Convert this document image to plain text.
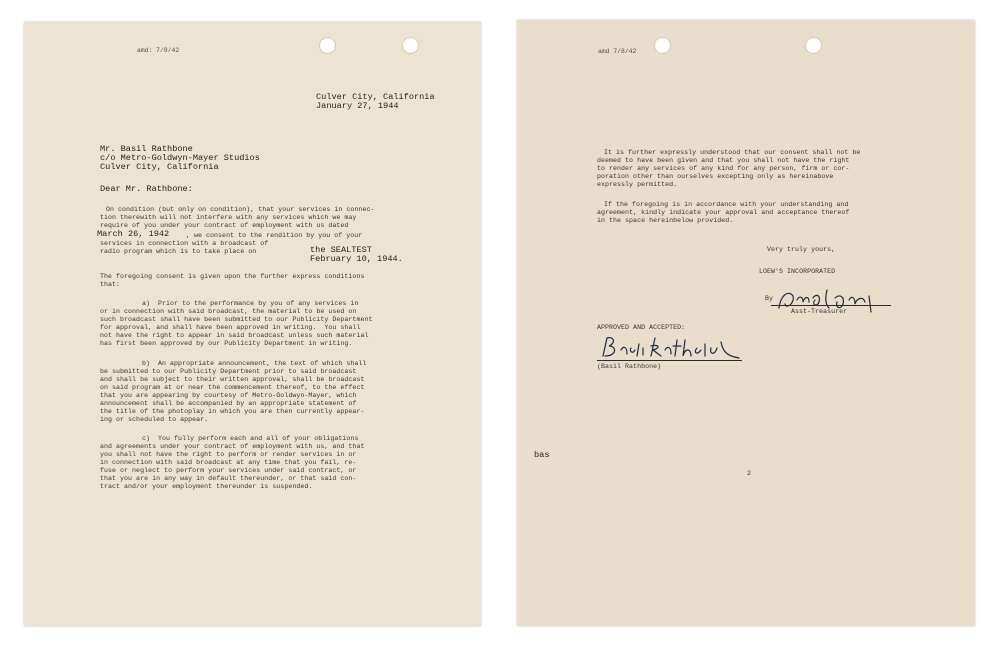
amd: 7/8/42
Culver City, California
January 27, 1944
Mr. Basil Rathbone
c/o Metro-Goldwyn-Mayer Studios
Culver City, California
Dear Mr. Rathbone:
On condition (but only on condition), that your services in connec-
tion therewith will not interfere with any services which we may
require of you under your contract of employment with us dated
March 26, 1942	, we consent to the rendition by you of your
services in connection with a broadcast of
the SEALTEST
radio program which is to take place on
February 10, 1944.
The foregoing consent is given upon the further express conditions
that:
a)  Prior to the performance by you of any services in
or in connection with said broadcast, the material to be used on
such broadcast shall have been submitted to our Publicity Department
for approval, and shall have been approved in writing.  You shall
not have the right to appear in said broadcast unless such material
has first been approved by our Publicity Department in writing.
b)  An appropriate announcement, the text of which shall
be submitted to our Publicity Department prior to said broadcast
and shall be subject to their written approval, shall be broadcast
on said program at or near the commencement thereof, to the effect
that you are appearing by courtesy of Metro-Goldwyn-Mayer, which
announcement shall be accompanied by an appropriate statement of
the title of the photoplay in which you are then currently appear-
ing or scheduled to appear.
c)  You fully perform each and all of your obligations
and agreements under your contract of employment with us, and that
you shall not have the right to perform or render services in or
in connection with said broadcast at any time that you fail, re-
fuse or neglect to perform your services under said contract, or
that you are in any way in default thereunder, or that said con-
tract and/or your employment thereunder is suspended.
amd 7/8/42
It is further expressly understood that our consent shall not be
deemed to have been given and that you shall not have the right
to render any services of any kind for any person, firm or cor-
poration other than ourselves excepting only as hereinabove
expressly permitted.
If the foregoing is in accordance with your understanding and
agreement, kindly indicate your approval and acceptance thereof
in the space hereinbelow provided.
Very truly yours,
LOEW'S INCORPORATED
By
Asst-Treasurer
APPROVED AND ACCEPTED:
(Basil Rathbone)
bas
2
